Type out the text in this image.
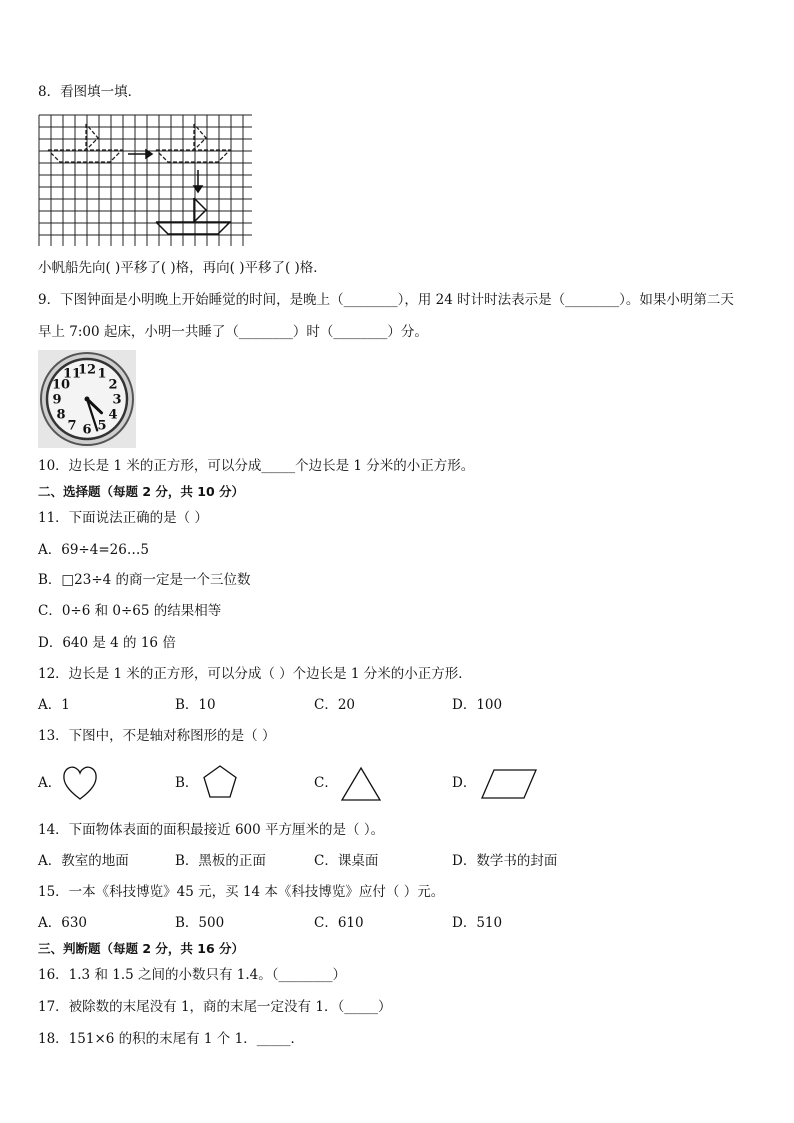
8．看图填一填．
小帆船先向( )平移了( )格，再向( )平移了( )格．
9．下图钟面是小明晚上开始睡觉的时间，是晚上（________），用 24 时计时法表示是（________）。如果小明第二天
早上 7:00 起床，小明一共睡了（________）时（________）分。
12 1
2
3
4
5
6
7
8
9
10
11
10．边长是 1 米的正方形，可以分成_____个边长是 1 分米的小正方形。
二、选择题（每题 2 分，共 10 分）
11．下面说法正确的是（ ）
A．69÷4=26…5
B．□23÷4 的商一定是一个三位数
C．0÷6 和 0÷65 的结果相等
D．640 是 4 的 16 倍
12．边长是 1 米的正方形，可以分成（ ）个边长是 1 分米的小正方形．
A．1	B．10	C．20	D．100
13．下图中，不是轴对称图形的是（ ）
A．	B．	C．	D．
14．下面物体表面的面积最接近 600 平方厘米的是（ ）。
A．教室的地面	B．黑板的正面	C．课桌面	D．数学书的封面
15．一本《科技博览》45 元，买 14 本《科技博览》应付（ ）元。
A．630	B．500	C．610	D．510
三、判断题（每题 2 分，共 16 分）
16．1.3 和 1.5 之间的小数只有 1.4。（________）
17．被除数的末尾没有 1，商的末尾一定没有 1．（_____）
18．151×6 的积的末尾有 1 个 1．_____．
